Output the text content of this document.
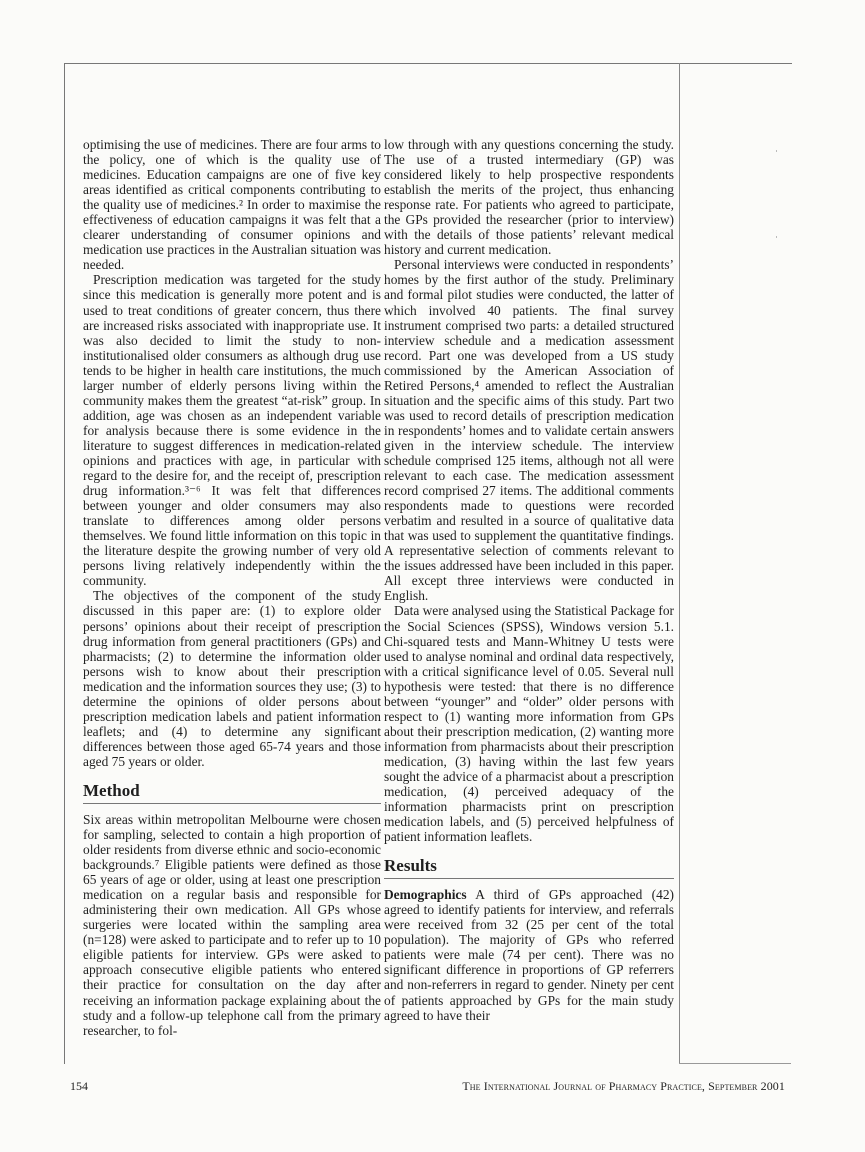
optimising the use of medicines. There are four arms to the policy, one of which is the quality use of medicines. Education campaigns are one of five key areas identified as critical components contributing to the quality use of medicines.² In order to maximise the effectiveness of education campaigns it was felt that a clearer understanding of consumer opinions and medication use practices in the Australian situation was needed.

Prescription medication was targeted for the study since this medication is generally more potent and is used to treat conditions of greater concern, thus there are increased risks associated with inappropriate use. It was also decided to limit the study to non-institutionalised older consumers as although drug use tends to be higher in health care institutions, the much larger number of elderly persons living within the community makes them the greatest “at-risk” group. In addition, age was chosen as an independent variable for analysis because there is some evidence in the literature to suggest differences in medication-related opinions and practices with age, in particular with regard to the desire for, and the receipt of, prescription drug information.³⁻⁶ It was felt that differences between younger and older consumers may also translate to differences among older persons themselves. We found little information on this topic in the literature despite the growing number of very old persons living relatively independently within the community.

The objectives of the component of the study discussed in this paper are: (1) to explore older persons’ opinions about their receipt of prescription drug information from general practitioners (GPs) and pharmacists; (2) to determine the information older persons wish to know about their prescription medication and the information sources they use; (3) to determine the opinions of older persons about prescription medication labels and patient information leaflets; and (4) to determine any significant differences between those aged 65-74 years and those aged 75 years or older.

Method

Six areas within metropolitan Melbourne were chosen for sampling, selected to contain a high proportion of older residents from diverse ethnic and socio-economic backgrounds.⁷ Eligible patients were defined as those 65 years of age or older, using at least one prescription medication on a regular basis and responsible for administering their own medication. All GPs whose surgeries were located within the sampling area (n=128) were asked to participate and to refer up to 10 eligible patients for interview. GPs were asked to approach consecutive eligible patients who entered their practice for consultation on the day after receiving an information package explaining about the study and a follow-up telephone call from the primary researcher, to fol-

low through with any questions concerning the study. The use of a trusted intermediary (GP) was considered likely to help prospective respondents establish the merits of the project, thus enhancing response rate. For patients who agreed to participate, the GPs provided the researcher (prior to interview) with the details of those patients’ relevant medical history and current medication.

Personal interviews were conducted in respondents’ homes by the first author of the study. Preliminary and formal pilot studies were conducted, the latter of which involved 40 patients. The final survey instrument comprised two parts: a detailed structured interview schedule and a medication assessment record. Part one was developed from a US study commissioned by the American Association of Retired Persons,⁴ amended to reflect the Australian situation and the specific aims of this study. Part two was used to record details of prescription medication in respondents’ homes and to validate certain answers given in the interview schedule. The interview schedule comprised 125 items, although not all were relevant to each case. The medication assessment record comprised 27 items. The additional comments respondents made to questions were recorded verbatim and resulted in a source of qualitative data that was used to supplement the quantitative findings. A representative selection of comments relevant to the issues addressed have been included in this paper. All except three interviews were conducted in English.

Data were analysed using the Statistical Package for the Social Sciences (SPSS), Windows version 5.1. Chi-squared tests and Mann-Whitney U tests were used to analyse nominal and ordinal data respectively, with a critical significance level of 0.05. Several null hypothesis were tested: that there is no difference between “younger” and “older” older persons with respect to (1) wanting more information from GPs about their prescription medication, (2) wanting more information from pharmacists about their prescription medication, (3) having within the last few years sought the advice of a pharmacist about a prescription medication, (4) perceived adequacy of the information pharmacists print on prescription medication labels, and (5) perceived helpfulness of patient information leaflets.

Results

Demographics A third of GPs approached (42) agreed to identify patients for interview, and referrals were received from 32 (25 per cent of the total population). The majority of GPs who referred patients were male (74 per cent). There was no significant difference in proportions of GP referrers and non-referrers in regard to gender. Ninety per cent of patients approached by GPs for the main study agreed to have their

154	The International Journal of Pharmacy Practice, September 2001
